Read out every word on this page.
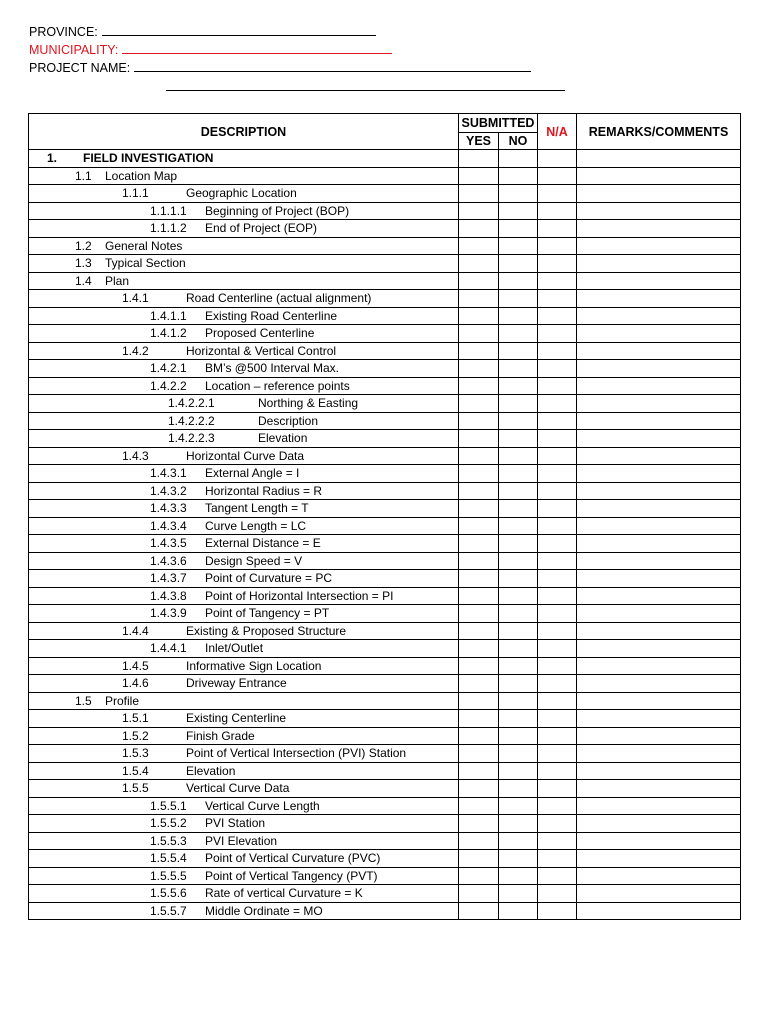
PROVINCE:
MUNICIPALITY:
PROJECT NAME:
DESCRIPTION	SUBMITTED		N/A	REMARKS/COMMENTS
	YES	NO		

1. FIELD INVESTIGATION				

1.1 Location Map				

1.1.1 Geographic Location				

1.1.1.1 Beginning of Project (BOP)				

1.1.1.2 End of Project (EOP)				

1.2 General Notes				

1.3 Typical Section				

1.4 Plan				

1.4.1 Road Centerline (actual alignment)				

1.4.1.1 Existing Road Centerline				

1.4.1.2 Proposed Centerline				

1.4.2 Horizontal & Vertical Control				

1.4.2.1 BM’s @500 Interval Max.				

1.4.2.2 Location – reference points				

1.4.2.2.1 Northing & Easting				

1.4.2.2.2 Description				

1.4.2.2.3 Elevation				

1.4.3 Horizontal Curve Data				

1.4.3.1 External Angle = I				

1.4.3.2 Horizontal Radius = R				

1.4.3.3 Tangent Length = T				

1.4.3.4 Curve Length = LC				

1.4.3.5 External Distance = E				

1.4.3.6 Design Speed = V				

1.4.3.7 Point of Curvature = PC				

1.4.3.8 Point of Horizontal Intersection = PI				

1.4.3.9 Point of Tangency = PT				

1.4.4 Existing & Proposed Structure				

1.4.4.1 Inlet/Outlet				

1.4.5 Informative Sign Location				

1.4.6 Driveway Entrance				

1.5 Profile				

1.5.1 Existing Centerline				

1.5.2 Finish Grade				

1.5.3 Point of Vertical Intersection (PVI) Station				

1.5.4 Elevation				

1.5.5 Vertical Curve Data				

1.5.5.1 Vertical Curve Length				

1.5.5.2 PVI Station				

1.5.5.3 PVI Elevation				

1.5.5.4 Point of Vertical Curvature (PVC)				

1.5.5.5 Point of Vertical Tangency (PVT)				

1.5.5.6 Rate of vertical Curvature = K				

1.5.5.7 Middle Ordinate = MO				
